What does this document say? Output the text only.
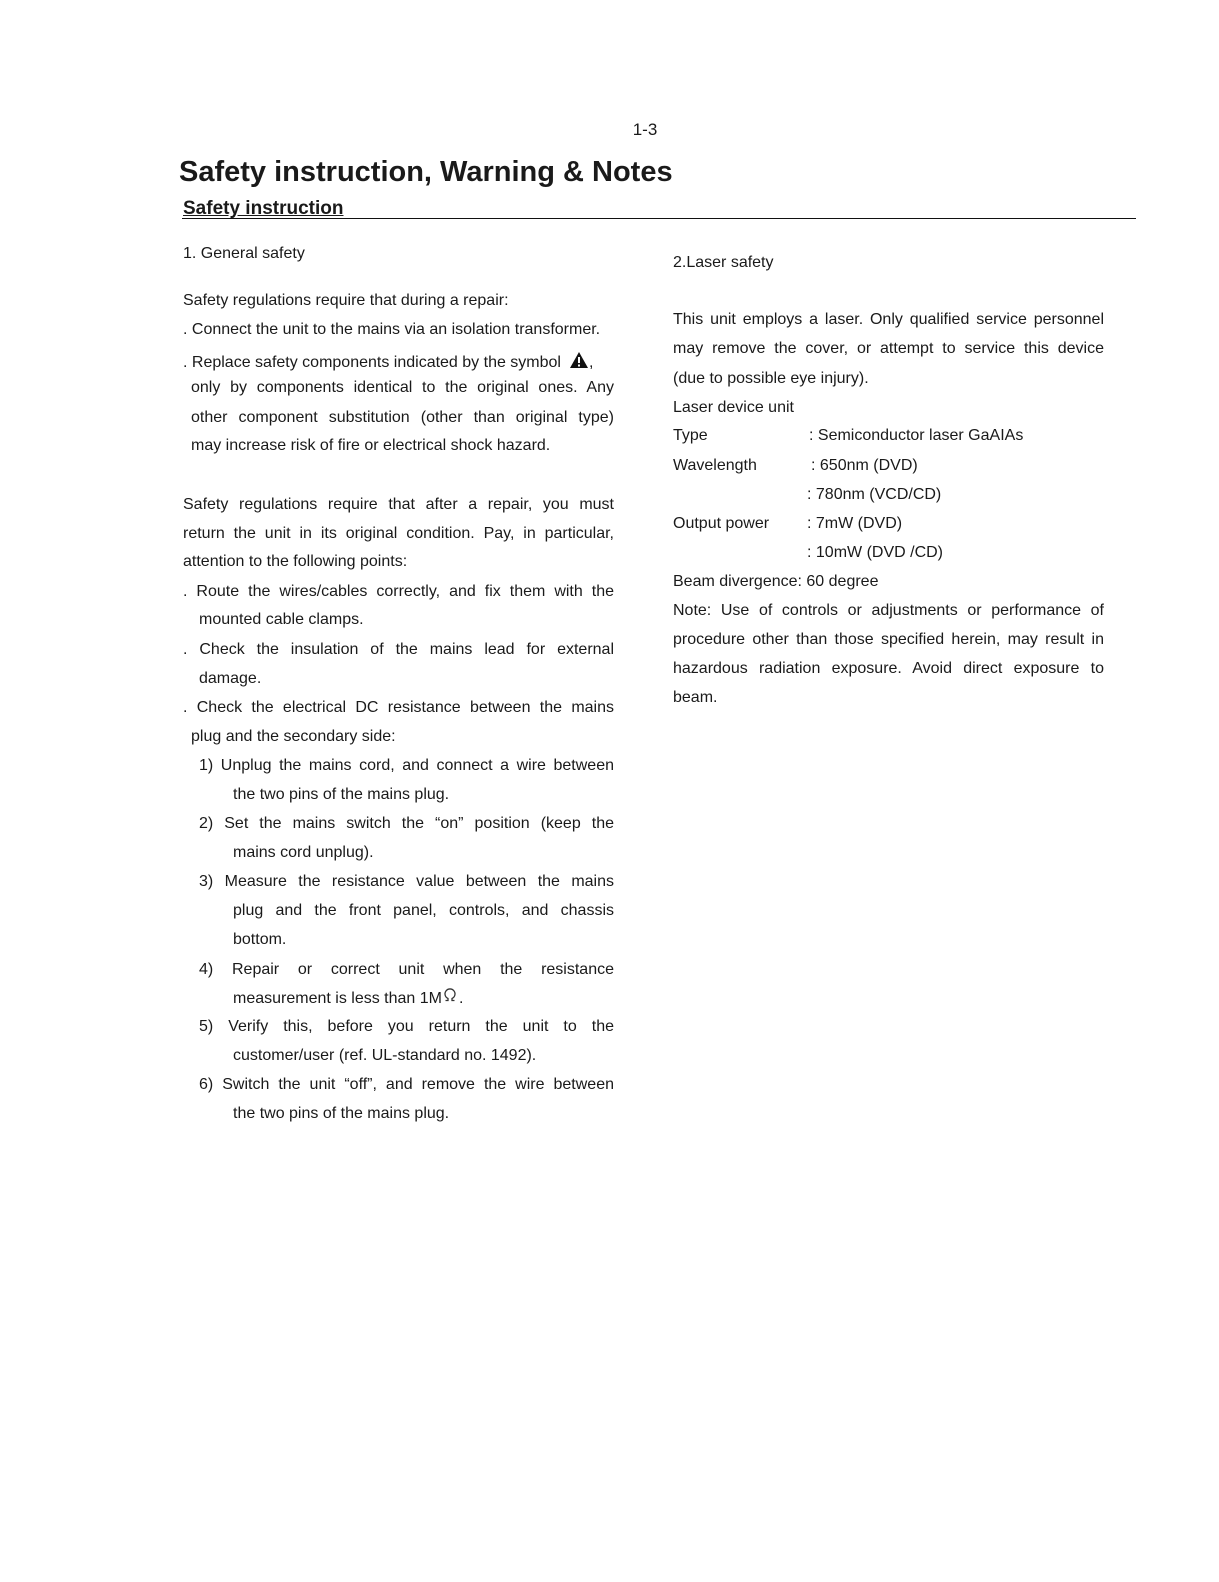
1-3
Safety instruction, Warning & Notes
Safety instruction
1. General safety
Safety regulations require that during a repair:
. Connect the unit to the mains via an isolation transformer.
. Replace safety components indicated by the symbol ,
only by components identical to the original ones. Any
other component substitution (other than original type)
may increase risk of fire or electrical shock hazard.
Safety regulations require that after a repair, you must
return the unit in its original condition. Pay, in particular,
attention to the following points:
. Route the wires/cables correctly, and fix them with the
mounted cable clamps.
. Check the insulation of the mains lead for external
damage.
. Check the electrical DC resistance between the mains
plug and the secondary side:
1) Unplug the mains cord, and connect a wire between
the two pins of the mains plug.
2) Set the mains switch the “on” position (keep the
mains cord unplug).
3) Measure the resistance value between the mains
plug and the front panel, controls, and chassis
bottom.
4) Repair or correct unit when the resistance
measurement is less than 1M .
5) Verify this, before you return the unit to the
customer/user (ref. UL-standard no. 1492).
6) Switch the unit “off”, and remove the wire between
the two pins of the mains plug.
2.Laser safety
This unit employs a laser. Only qualified service personnel
may remove the cover, or attempt to service this device
(due to possible eye injury).
Laser device unit
Type	: Semiconductor laser GaAIAs
Wavelength	: 650nm (DVD)
: 780nm (VCD/CD)
Output power : 7mW (DVD)
: 10mW (DVD /CD)
Beam divergence: 60 degree
Note: Use of controls or adjustments or performance of
procedure other than those specified herein, may result in
hazardous radiation exposure. Avoid direct exposure to
beam.
